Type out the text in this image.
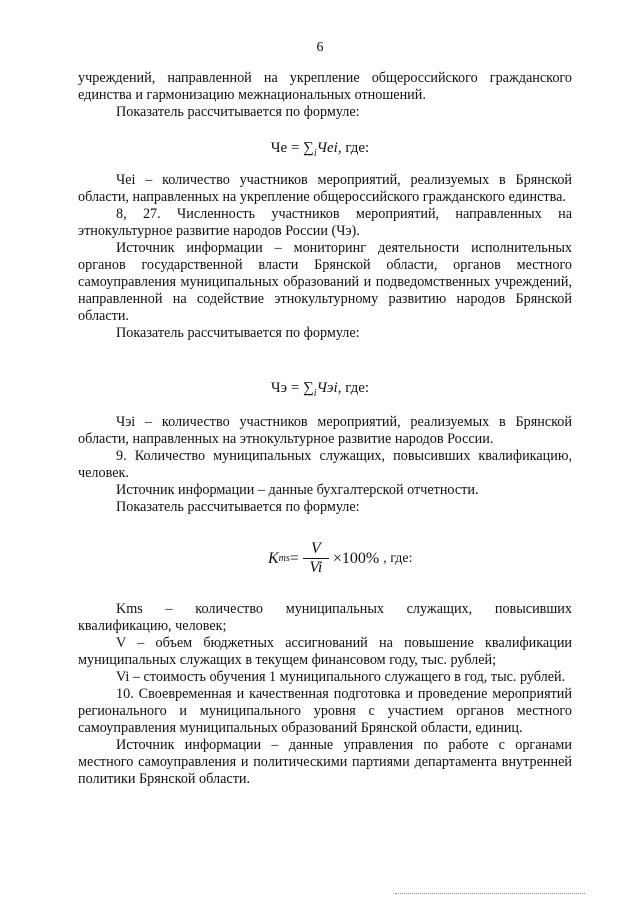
6

учреждений, направленной на укрепление общероссийского гражданского единства и гармонизацию межнациональных отношений.

Показатель рассчитывается по формуле:

Че = $\sum_iЧеi$, где:

Чеi – количество участников мероприятий, реализуемых в Брянской области, направленных на укрепление общероссийского гражданского единства.

8, 27. Численность участников мероприятий, направленных на этнокультурное развитие народов России (Чэ).

Источник информации – мониторинг деятельности исполнительных органов государственной власти Брянской области, органов местного самоуправления муниципальных образований и подведомственных учреждений, направленной на содействие этнокультурному развитию народов Брянской области.

Показатель рассчитывается по формуле:

Чэ = $\sum_iЧэi$, где:

Чэi – количество участников мероприятий, реализуемых в Брянской области, направленных на этнокультурное развитие народов России.

9. Количество муниципальных служащих, повысивших квалификацию, человек.

Источник информации – данные бухгалтерской отчетности.

Показатель рассчитывается по формуле:

K ms = $\frac{V}{Vi} \times 100\%$ , где:

Kms – количество муниципальных служащих, повысивших квалификацию, человек;

V – объем бюджетных ассигнований на повышение квалификации муниципальных служащих в текущем финансовом году, тыс. рублей;

Vi – стоимость обучения 1 муниципального служащего в год, тыс. рублей.

10. Своевременная и качественная подготовка и проведение мероприятий регионального и муниципального уровня с участием органов местного самоуправления муниципальных образований Брянской области, единиц.

Источник информации – данные управления по работе с органами местного самоуправления и политическими партиями департамента внутренней политики Брянской области.
